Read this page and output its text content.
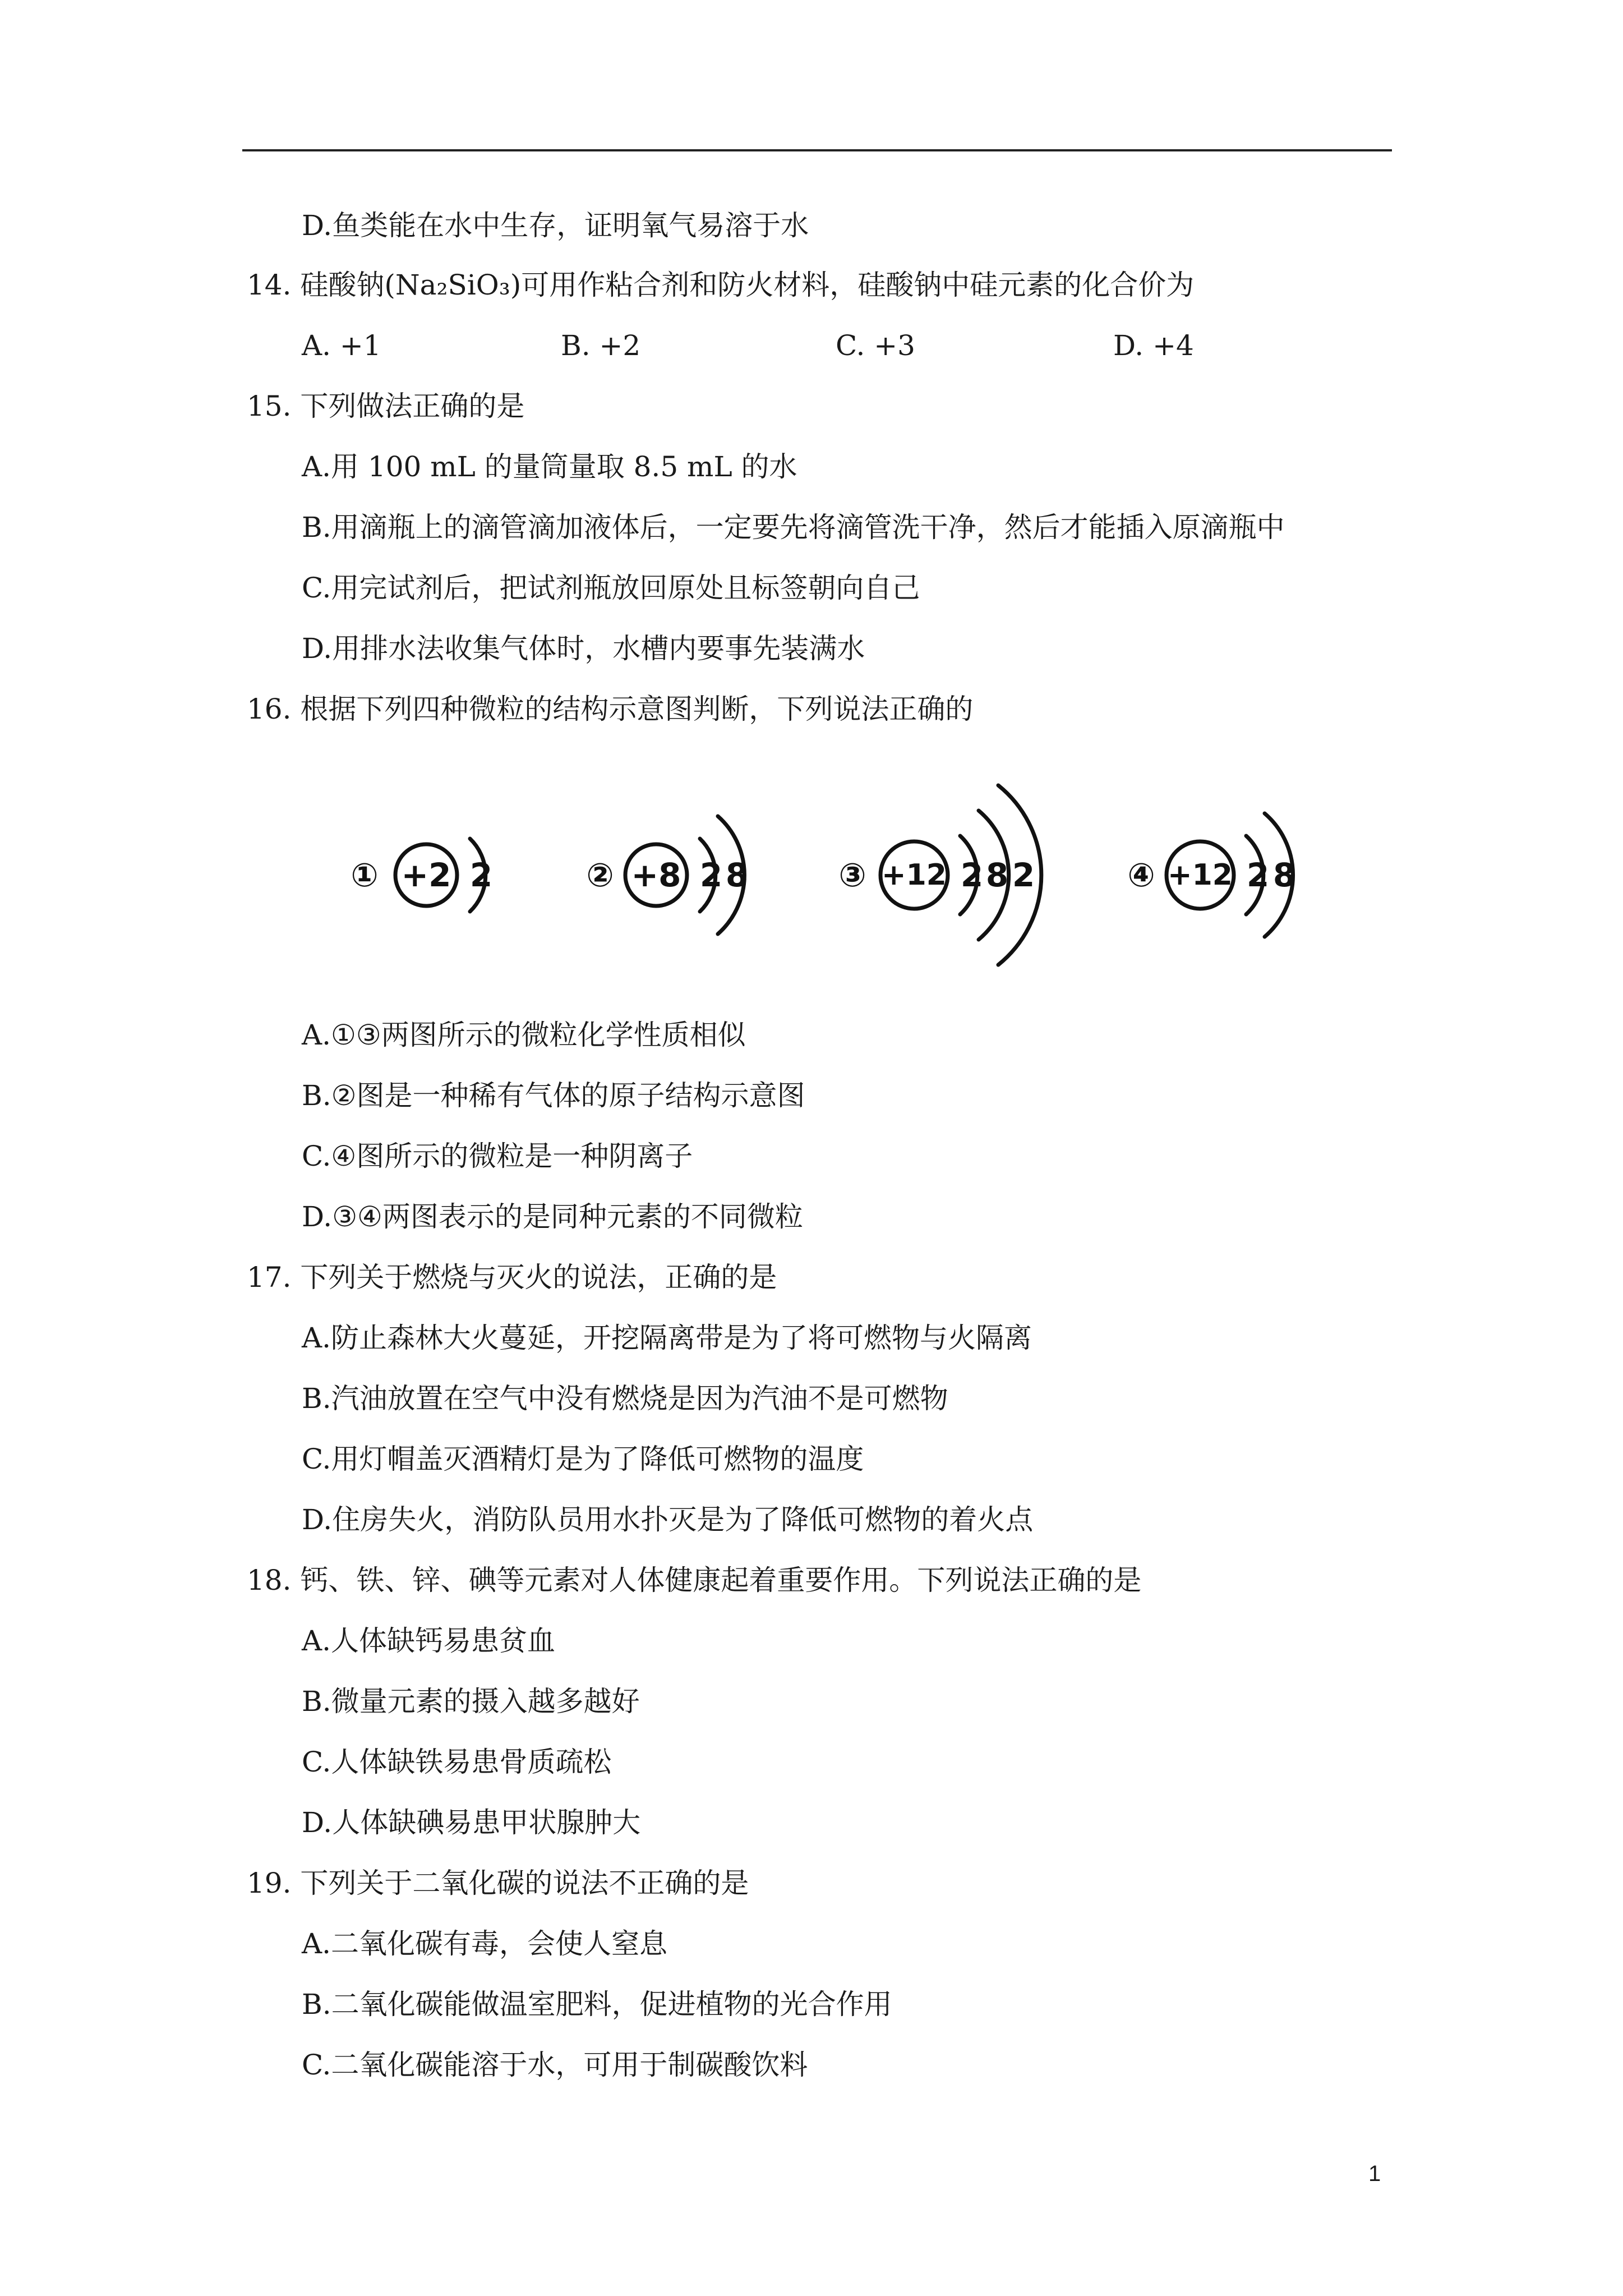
D.鱼类能在水中生存，证明氧气易溶于水
14. 硅酸钠(Na₂SiO₃)可用作粘合剂和防火材料，硅酸钠中硅元素的化合价为
A. +1	B. +2	C. +3	D. +4
15. 下列做法正确的是
A.用 100 mL 的量筒量取 8.5 mL 的水
B.用滴瓶上的滴管滴加液体后，一定要先将滴管洗干净，然后才能插入原滴瓶中
C.用完试剂后，把试剂瓶放回原处且标签朝向自己
D.用排水法收集气体时，水槽内要事先装满水
16. 根据下列四种微粒的结构示意图判断，下列说法正确的
①	②	③	④
+2	+8	+12	+12
2	2 8	2 8 2	2 8
A.①③两图所示的微粒化学性质相似
B.②图是一种稀有气体的原子结构示意图
C.④图所示的微粒是一种阴离子
D.③④两图表示的是同种元素的不同微粒
17. 下列关于燃烧与灭火的说法，正确的是
A.防止森林大火蔓延，开挖隔离带是为了将可燃物与火隔离
B.汽油放置在空气中没有燃烧是因为汽油不是可燃物
C.用灯帽盖灭酒精灯是为了降低可燃物的温度
D.住房失火，消防队员用水扑灭是为了降低可燃物的着火点
18. 钙、铁、锌、碘等元素对人体健康起着重要作用。下列说法正确的是
A.人体缺钙易患贫血
B.微量元素的摄入越多越好
C.人体缺铁易患骨质疏松
D.人体缺碘易患甲状腺肿大
19. 下列关于二氧化碳的说法不正确的是
A.二氧化碳有毒，会使人窒息
B.二氧化碳能做温室肥料，促进植物的光合作用
C.二氧化碳能溶于水，可用于制碳酸饮料
1
